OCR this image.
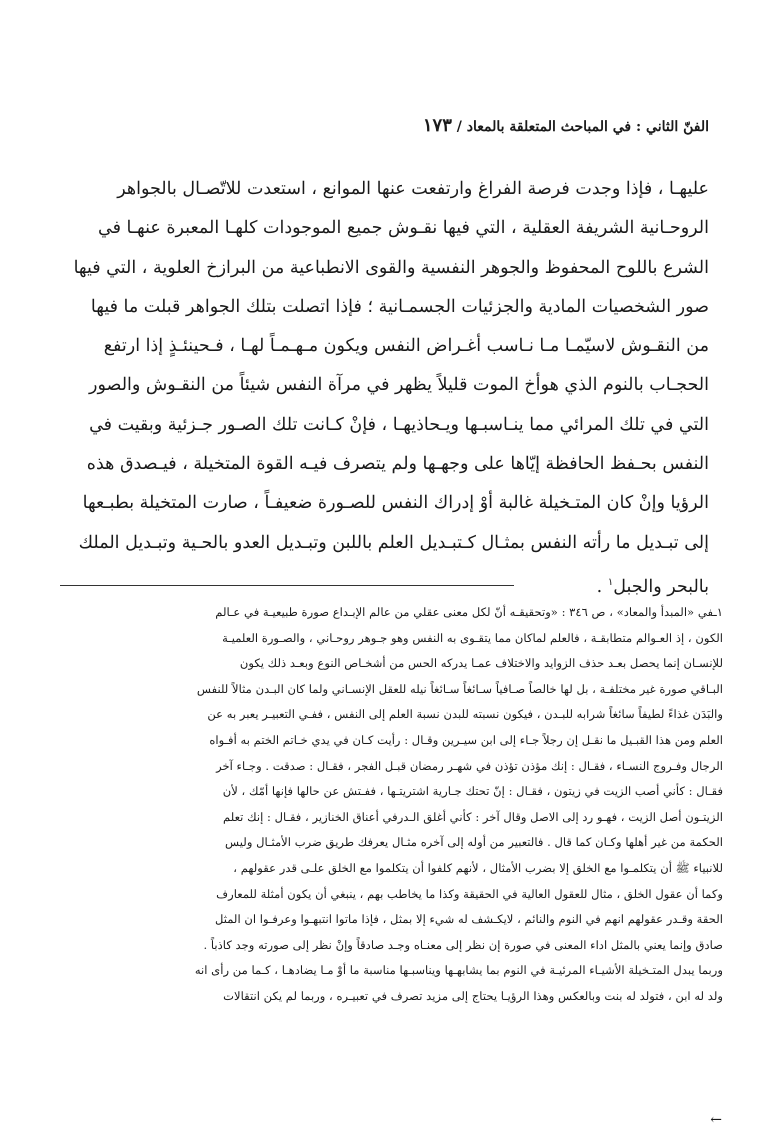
الفنّ الثاني : في المباحث المتعلقة بالمعاد / ١٧٣
عليهـا ، فإذا وجدت فرصة الفراغ وارتفعت عنها الموانع ، استعدت للاتّصـال بالجواهر
الروحـانية الشريفة العقلية ، التي فيها نقـوش جميع الموجودات كلهـا المعبرة عنهـا في
الشرع باللوح المحفوظ والجوهر النفسية والقوى الانطباعية من البرازخ العلوية ، التي فيها
صور الشخصيات المادية والجزئيات الجسمـانية ؛ فإذا اتصلت بتلك الجواهر قبلت ما فيها
من النقـوش لاسيّمـا مـا نـاسب أغـراض النفس ويكون مـهـمـاً لهـا ، فـحينئـذٍ إذا ارتفع
الحجـاب بالنوم الذي هوأخ الموت قليلاً يظهر في مرآة النفس شيئاً من النقـوش والصور
التي في تلك المرائي مما ينـاسبـها ويـحاذيهـا ، فإنْ كـانت تلك الصـور جـزئية وبقيت في
النفس بحـفظ الحافظة إيّاها على وجهـها ولم يتصرف فيـه القوة المتخيلة ، فيـصدق هذه
الرؤيا وإنْ كان المتـخيلة غالبة أوْ إدراك النفس للصـورة ضعيفـاً ، صارت المتخيلة بطبـعها
إلى تبـديل ما رأته النفس بمثـال كـتبـديل العلم باللبن وتبـديل العدو بالحـية وتبـديل الملك
بالبحر والجبل$^١$ .
١ـفي «المبدأ والمعاد» ، ص ٣٤٦ : «وتحقيقـه أنّ لكل معنى عقلي من عالم الإبـداع صورة طبيعيـة في عـالم
الكون ، إذ العـوالم متطابقـة ، فالعلم لماكان مما يتقـوى به النفس وهو جـوهر روحـاني ، والصـورة العلميـة
للإنسـان إنما يحصل بعـد حذف الزوايد والاختلاف عمـا يدركه الحس من أشخـاص النوع وبعـد ذلك يكون
البـاقي صورة غير مختلفـة ، بل لها خالصاً صـافياً سـائغاً سـائغاً نيله للعقل الإنسـاني ولما كان البـدن مثالاً للنفس
والبَدَن غذاءً لطيفاً سائغاً شرابه للبـدن ، فيكون نسبته للبدن نسبة العلم إلى النفس ، ففـي التعبيـر يعبر به عن
العلم ومن هذا القبـيل ما نقـل إن رجلاً جـاء إلى ابن سيـرين وقـال : رأيت كـان في يدي خـاتم الختم به أفـواه
الرجال وفـروج النسـاء ، فقـال : إنك مؤذن تؤذن في شهـر رمضان قبـل الفجر ، فقـال : صدقت . وجـاء آخر
فقـال : كأني أصب الزيت في زيتون ، فقـال : إنّ تحتك جـارية اشتريتـها ، ففـتش عن حالها فإنها أمّك ، لأن
الزيتـون أصل الزيت ، فهـو رد إلى الاصل وقال آخر : كأني أغلق الـدرفي أعناق الخنازير ، فقـال : إنك تعلم
الحكمة من غير أهلها وكـان كما قال . فالتعبير من أوله إلى آخره مثـال يعرفك طريق ضرب الأمثـال وليس
للانبياء ﷺ أن يتكلمـوا مع الخلق إلا بضرب الأمثال ، لأنهم كلفوا أن يتكلموا مع الخلق علـى قدر عقولهم ،
وكما أن عقول الخلق ، مثال للعقول العالية في الحقيقة وكذا ما يخاطب بهم ، ينبغي أن يكون أمثلة للمعارف
الحقة وقـدر عقولهم انهم في النوم والنائم ، لايكـشف له شيء إلا بمثل ، فإذا ماتوا انتبهـوا وعرفـوا ان المثل
صادق وإنما يعني بالمثل اداء المعنى في صورة إن نظر إلى معنـاه وجـد صادقاً وإنْ نظر إلى صورته وجد كاذباً .
وربما يبدل المتـخيلة الأشيـاء المرئيـة في النوم بما يشابهـها ويناسبـها مناسبة ما أوْ مـا يضادهـا ، كـما من رأى انه
ولد له ابن ، فتولد له بنت وبالعكس وهذا الرؤيـا يحتاج إلى مزيد تصرف في تعبيـره ، وربما لم يكن انتقالات
←
